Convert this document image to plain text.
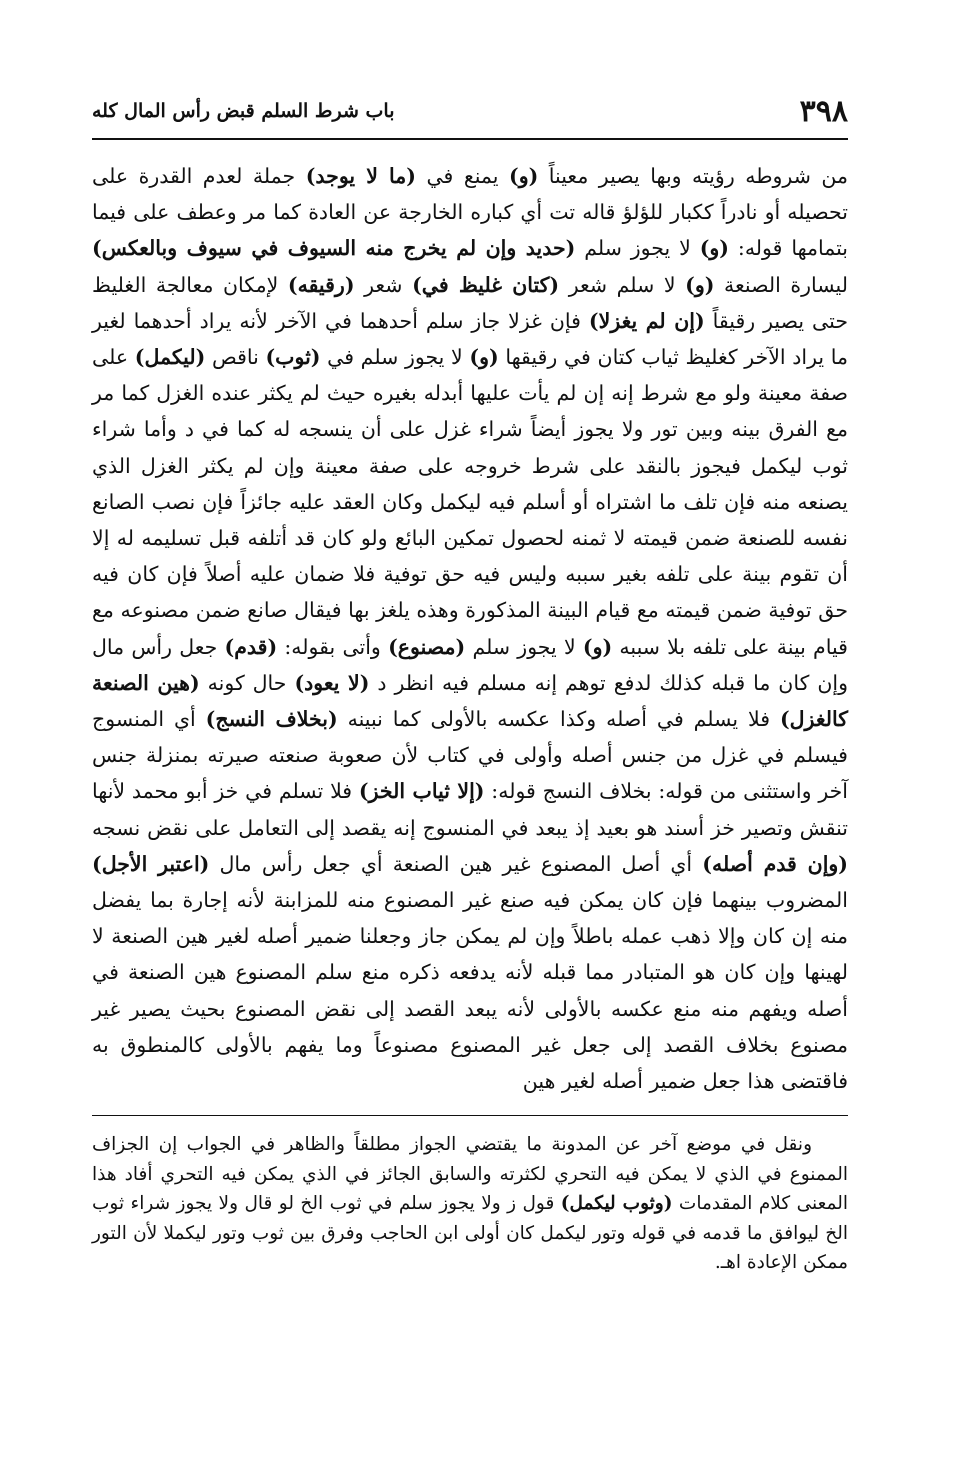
٣٩٨
باب شرط السلم قبض رأس المال كله

من شروطه رؤيته وبها يصير معيناً (و) يمنع في (ما لا يوجد) جملة لعدم القدرة على تحصيله أو نادراً ككبار للؤلؤ قاله تت أي كباره الخارجة عن العادة كما مر وعطف على فيما بتمامها قوله: (و) لا يجوز سلم (حديد وإن لم يخرج منه السيوف في سيوف وبالعكس) ليسارة الصنعة (و) لا سلم شعر (كتان غليظ في) شعر (رقيقه) لإمكان معالجة الغليظ حتى يصير رقيقاً (إن لم يغزلا) فإن غزلا جاز سلم أحدهما في الآخر لأنه يراد أحدهما لغير ما يراد الآخر كغليظ ثياب كتان في رقيقها (و) لا يجوز سلم في (ثوب) ناقص (ليكمل) على صفة معينة ولو مع شرط إنه إن لم يأت عليها أبدله بغيره حيث لم يكثر عنده الغزل كما مر مع الفرق بينه وبين تور ولا يجوز أيضاً شراء غزل على أن ينسجه له كما في د وأما شراء ثوب ليكمل فيجوز بالنقد على شرط خروجه على صفة معينة وإن لم يكثر الغزل الذي يصنعه منه فإن تلف ما اشتراه أو أسلم فيه ليكمل وكان العقد عليه جائزاً فإن نصب الصانع نفسه للصنعة ضمن قيمته لا ثمنه لحصول تمكين البائع ولو كان قد أتلفه قبل تسليمه له إلا أن تقوم بينة على تلفه بغير سببه وليس فيه حق توفية فلا ضمان عليه أصلاً فإن كان فيه حق توفية ضمن قيمته مع قيام البينة المذكورة وهذه يلغز بها فيقال صانع ضمن مصنوعه مع قيام بينة على تلفه بلا سببه (و) لا يجوز سلم (مصنوع) وأتى بقوله: (قدم) جعل رأس مال وإن كان ما قبله كذلك لدفع توهم إنه مسلم فيه انظر د (لا يعود) حال كونه (هين الصنعة كالغزل) فلا يسلم في أصله وكذا عكسه بالأولى كما نبينه (بخلاف النسج) أي المنسوج فيسلم في غزل من جنس أصله وأولى في كتاب لأن صعوبة صنعته صيرته بمنزلة جنس آخر واستثنى من قوله: بخلاف النسج قوله: (إلا ثياب الخز) فلا تسلم في خز أبو محمد لأنها تنقش وتصير خز أسند هو بعيد إذ يبعد في المنسوج إنه يقصد إلى التعامل على نقض نسجه (وإن قدم أصله) أي أصل المصنوع غير هين الصنعة أي جعل رأس مال (اعتبر الأجل) المضروب بينهما فإن كان يمكن فيه صنع غير المصنوع منه للمزابنة لأنه إجارة بما يفضل منه إن كان وإلا ذهب عمله باطلاً وإن لم يمكن جاز وجعلنا ضمير أصله لغير هين الصنعة لا لهينها وإن كان هو المتبادر مما قبله لأنه يدفعه ذكره منع سلم المصنوع هين الصنعة في أصله ويفهم منه منع عكسه بالأولى لأنه يبعد القصد إلى نقض المصنوع بحيث يصير غير مصنوع بخلاف القصد إلى جعل غير المصنوع مصنوعاً وما يفهم بالأولى كالمنطوق به فاقتضى هذا جعل ضمير أصله لغير هين

ونقل في موضع آخر عن المدونة ما يقتضي الجواز مطلقاً والظاهر في الجواب إن الجزاف الممنوع في الذي لا يمكن فيه التحري لكثرته والسابق الجائز في الذي يمكن فيه التحري أفاد هذا المعنى كلام المقدمات (وثوب ليكمل) قول ز ولا يجوز سلم في ثوب الخ لو قال ولا يجوز شراء ثوب الخ ليوافق ما قدمه في قوله وتور ليكمل كان أولى ابن الحاجب وفرق بين ثوب وتور ليكملا لأن التور ممكن الإعادة اهـ.
